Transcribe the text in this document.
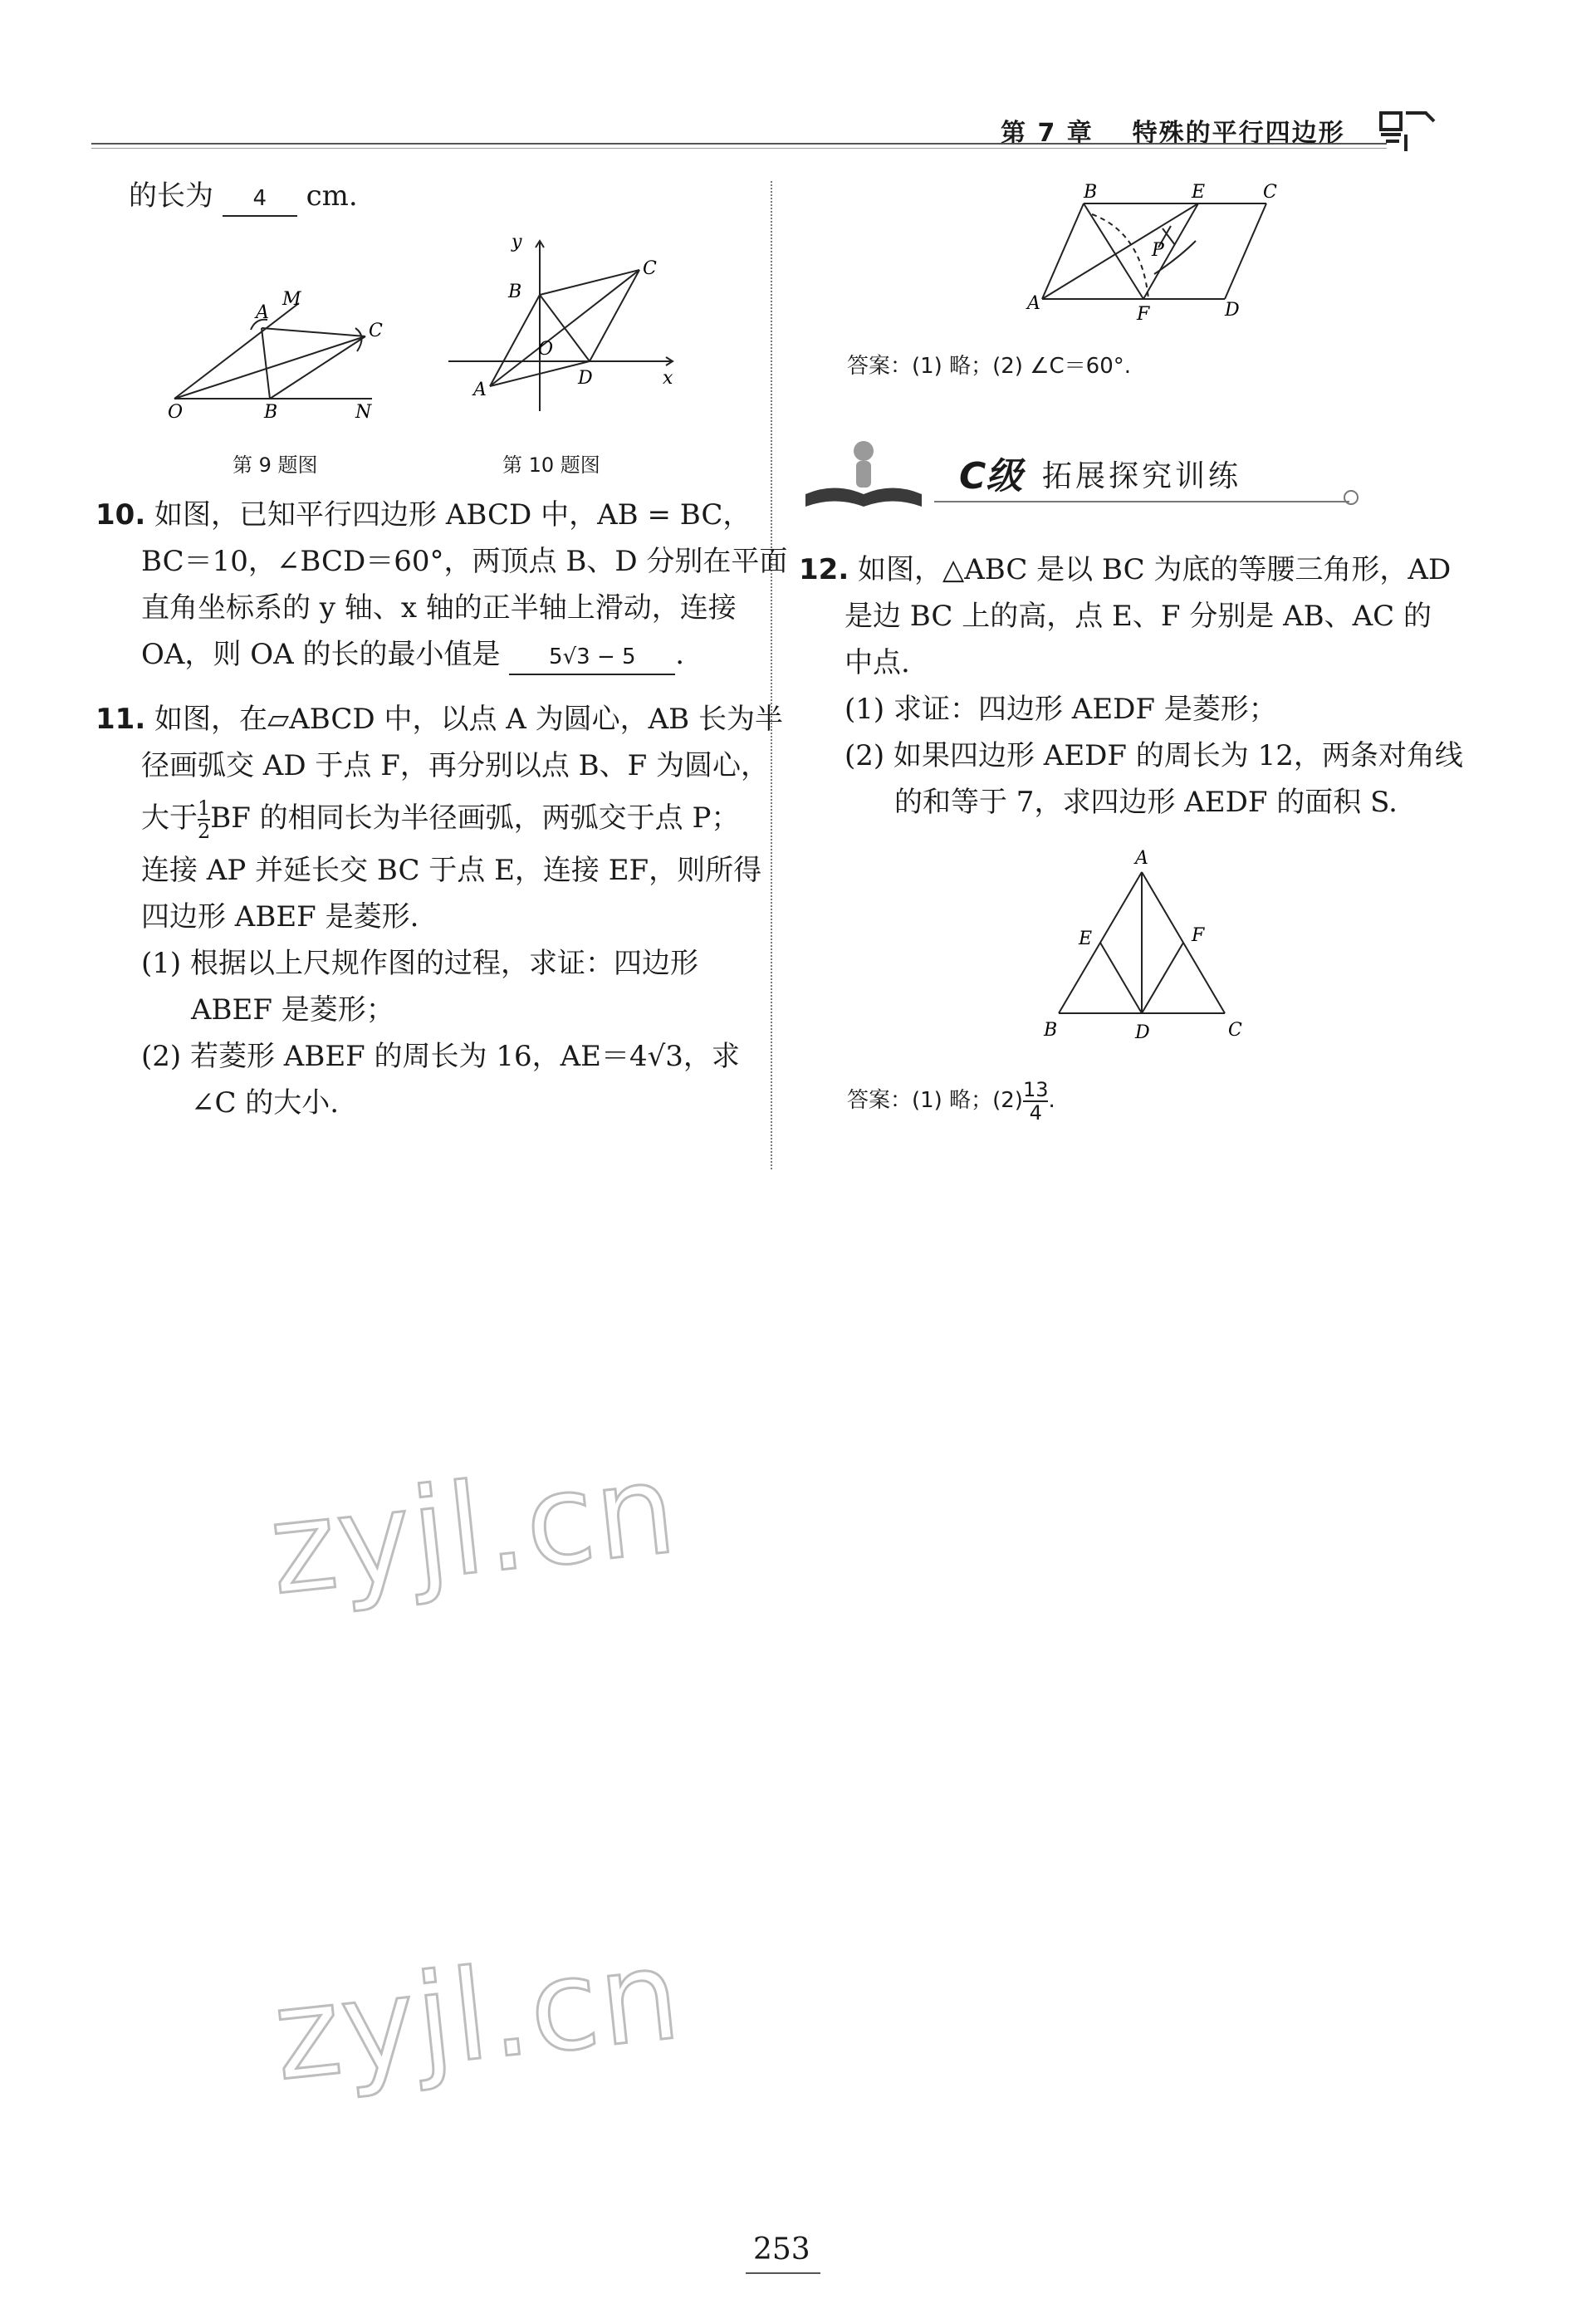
第 7 章 特殊的平行四边形
的长为 4 cm.
A
M
C
O	B	N
第 9 题图
y
x
B
C
O
A
D
第 10 题图
10. 如图，已知平行四边形 ABCD 中，AB = BC，
BC＝10，∠BCD＝60°，两顶点 B、D 分别在平面
直角坐标系的 y 轴、x 轴的正半轴上滑动，连接
OA，则 OA 的长的最小值是 5√3 − 5 .
11. 如图，在▱ABCD 中，以点 A 为圆心，AB 长为半
径画弧交 AD 于点 F，再分别以点 B、F 为圆心，
大于 $\frac{1}{2}$ BF 的相同长为半径画弧，两弧交于点 P；
连接 AP 并延长交 BC 于点 E，连接 EF，则所得
四边形 ABEF 是菱形.
(1) 根据以上尺规作图的过程，求证：四边形
ABEF 是菱形；
(2) 若菱形 ABEF 的周长为 16，AE＝4√3，求
∠C 的大小.
B	E	C
P
A
F	D
答案：(1) 略；(2) ∠C＝60°.
C级 拓展探究训练
12. 如图，△ABC 是以 BC 为底的等腰三角形，AD
是边 BC 上的高，点 E、F 分别是 AB、AC 的
中点.
(1) 求证：四边形 AEDF 是菱形；
(2) 如果四边形 AEDF 的周长为 12，两条对角线
的和等于 7，求四边形 AEDF 的面积 S.
A
E	F
B	D	C
答案：(1) 略；$(2) \frac{13}{4}$ .
zyjl.cn
zyjl.cn
253
